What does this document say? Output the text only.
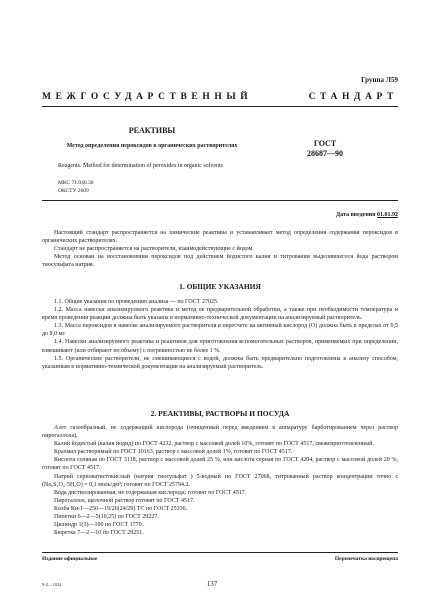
Группа Л59
МЕЖГОСУДАРСТВЕННЫЙ	СТАНДАРТ
РЕАКТИВЫ
Метод определения пероксидов в органических растворителях	ГОСТ
28687—90
Reagents. Method for determination of peroxides in organic solvents
МКС 71.040.30
ОКСТУ 2609
Дата введения 01.01.92

Настоящий стандарт распространяется на химические реактивы и устанавливает метод определения содержания пероксидов в органических растворителях.

Стандарт не распространяется на растворители, взаимодействующие с йодом.

Метод основан на восстановлении пероксидов под действием йодистого калия и титровании выделившегося йода раствором тиосульфата натрия.

1. ОБЩИЕ УКАЗАНИЯ

1.1. Общие указания по проведению анализа — по ГОСТ 27025.

1.2. Масса навески анализируемого реактива и метод ее предварительной обработки, а также при необходимости температура и время проведения реакции должны быть указаны в нормативно-технической документации на анализируемый растворитель.

1.3. Масса пероксидов в навеске анализируемого растворителя в пересчете на активный кислород (О) должна быть в пределах от 0,5 до 8,0 мг.

1.4. Навески анализируемого реактива и реактивов для приготовления вспомогательных растворов, применяемых при определении, взвешивают (или отбирают по объему) с погрешностью не более 1 %.

1.5. Органические растворители, не смешивающиеся с водой, должны быть предварительно подготовлены к анализу способом, указанным в нормативно-технической документации на анализируемый растворитель.

2. РЕАКТИВЫ, РАСТВОРЫ И ПОСУДА

Азот газообразный, не содержащий кислорода (очищенный перед введением в аппаратуру барботированием через раствор пирогаллола).

Калий йодистый (калия йодид) по ГОСТ 4232, раствор с массовой долей 10%, готовят по ГОСТ 4517, свежеприготовленный.

Крахмал растворимый по ГОСТ 10163, раствор с массовой долей 1%, готовят по ГОСТ 4517.

Кислота соляная по ГОСТ 3118, раствор с массовой долей 25 %, или кислота серная по ГОСТ 4204, раствор с массовой долей 20 %, готовят по ГОСТ 4517.

Натрий серноватистокислый (натрия тиосульфат ) 5-водный по ГОСТ 27068, титрованный раствор концентрации точно c (Na₂S₂O₃·5H₂O) = 0,1 моль/дм³; готовят по ГОСТ 25794.2.

Вода дистиллированная, не содержащая кислорода; готовят по ГОСТ 4517.

Пирогаллол, щелочной раствор готовят по ГОСТ 4517.

Колба Кн-1—250—19/26(24/29) ТС по ГОСТ 25336.

Пипетки 6—2—5(10,25) по ГОСТ 29227.

Цилиндр 1(3)—100 по ГОСТ 1770.

Бюретка 7—2—10 по ГОСТ 29251.

Издание официальное	Перепечатка воспрещена
9-2—1024	137
